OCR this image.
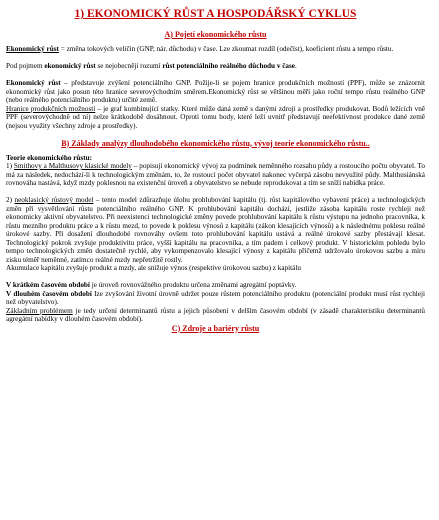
1) EKONOMICKÝ RŮST A HOSPODÁŘSKÝ CYKLUS
A) Pojetí ekonomického růstu

Ekonomický růst = změna tokových veličin (GNP, nár. důchodu) v čase. Lze zkoumat rozdíl (odečíst), koeficient růstu a tempo růstu.

Pod pojmem ekonomický růst se nejobecněji rozumí růst potenciálního reálného důchodu v čase.

Ekonomický růst – představuje zvýšení potenciálního GNP. Požije-li se pojem hranice produkčních možností (PPF), může se znázornit ekonomický růst jako posun této hranice severovýchodním směrem.Ekonomický růst se většinou měří jako roční tempo růstu reálného GNP (nebo reálného potenciálního produktu) určité země.

Hranice produkčních možností – je graf kombinující statky. Které může daná země s danými zdroji a prostředky produkovat. Bodů ležících vně PPF (severovýchodně od ní) nelze krátkodobě dosáhnout. Oproti tomu body, které leží uvnitř představují neefektivnost produkce dané země (nejsou využity všechny zdroje a prostředky).

B) Základy analýzy dlouhodobého ekonomického růstu, vývoj teorie ekonomického růstu..

Teorie ekonomického růstu:

1) Smithovy a Malthusovy klasické modely – popisují ekonomický vývoj za podmínek neměnného rozsahu půdy a rostoucího počtu obyvatel. To má za následek, nedochází-li k technologickým změnám, to, že rostoucí počet obyvatel nakonec vyčerpá zásobu nevyužité půdy. Malthusiánská rovnováha nastává, když mzdy poklesnou na existenční úroveň a obyvatelstvo se nebude reprodukovat a tím se sníží nabídka práce.

2) neoklasický růstový model – tento model zdůrazňuje úlohu prohlubování kapitálu (tj. růst kapitálového vybavení práce) a technologických změn při vysvětlování růstu potenciálního reálného GNP. K prohlubování kapitálu dochází, jestliže zásoba kapitálu roste rychleji než ekonomicky aktivní obyvatelstvo. Při neexistenci technologické změny povede prohlubování kapitálu k růstu výstupu na jednoho pracovníka, k růstu mezního produktu práce a k růstu mezd, to povede k poklesu výnosů z kapitálu (zákon klesajících výnosů) a k následnému poklesu reálné úrokové sazby. Při dosažení dlouhodobé rovnováhy ovšem toto prohlubování kapitálu ustává a reálné úrokové sazby přestávají klesat. Technologický pokrok zvyšuje produktivitu práce, vyšší kapitálu na pracovníka, a tím padem i celkový produkt. V historickém pohledu bylo tempo technologických změn dostatečně rychlé, aby vykompenzovalo klesající výnosy z kapitálu přičemž udržovalo úrokovou sazbu a míru zisku téměř neměnné, zatímco reálné mzdy nepřetržitě rostly.

Akumulace kapitálu zvyšuje produkt a mzdy, ale snižuje výnos (respektive úrokovou sazbu) z kapitálu

V krátkém časovém období je úroveň rovnovážného produktu určena změnami agregátní poptávky.

V dlouhém časovém období Ize zvyšování životní úrovně udržet pouze růstem potenciálního produktu (potenciální produkt musí růst rychleji než obyvatelstvo).

Základním problémem je tedy určení determinantů růstu a jejich působení v delším časovém období (v zásadě charakteristiku determinantů agregátní nabídky v dlouhém časovém období).

C) Zdroje a bariéry růstu
